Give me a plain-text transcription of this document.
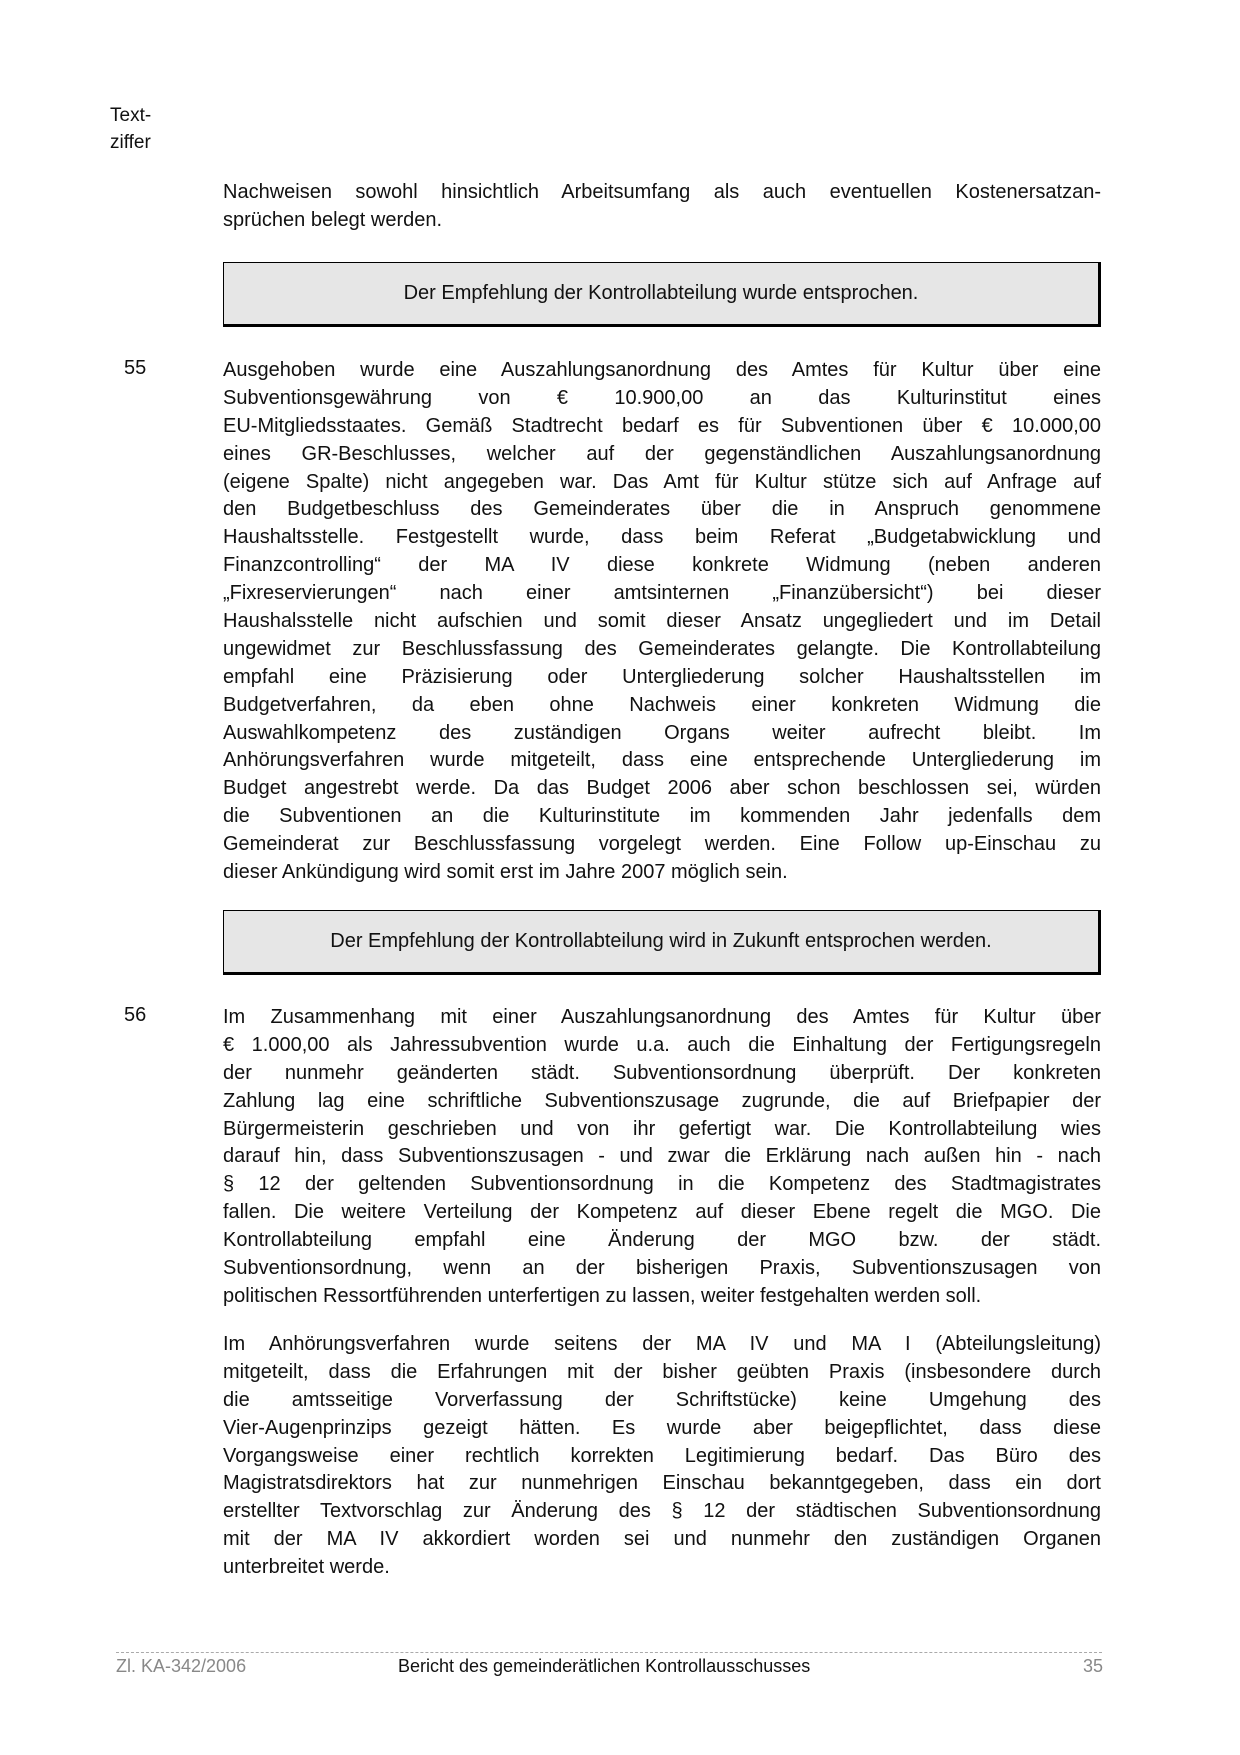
Text-
ziffer
Nachweisen sowohl hinsichtlich Arbeitsumfang als auch eventuellen Kostenersatzan-
sprüchen belegt werden.
Der Empfehlung der Kontrollabteilung wurde entsprochen.
55	Ausgehoben wurde eine Auszahlungsanordnung des Amtes für Kultur über eine
Subventionsgewährung von € 10.900,00 an das Kulturinstitut eines
EU-Mitgliedsstaates. Gemäß Stadtrecht bedarf es für Subventionen über € 10.000,00
eines GR-Beschlusses, welcher auf der gegenständlichen Auszahlungsanordnung
(eigene Spalte) nicht angegeben war. Das Amt für Kultur stütze sich auf Anfrage auf
den Budgetbeschluss des Gemeinderates über die in Anspruch genommene
Haushaltsstelle. Festgestellt wurde, dass beim Referat „Budgetabwicklung und
Finanzcontrolling“ der MA IV diese konkrete Widmung (neben anderen
„Fixreservierungen“ nach einer amtsinternen „Finanzübersicht“) bei dieser
Haushalsstelle nicht aufschien und somit dieser Ansatz ungegliedert und im Detail
ungewidmet zur Beschlussfassung des Gemeinderates gelangte. Die Kontrollabteilung
empfahl eine Präzisierung oder Untergliederung solcher Haushaltsstellen im
Budgetverfahren, da eben ohne Nachweis einer konkreten Widmung die
Auswahlkompetenz des zuständigen Organs weiter aufrecht bleibt. Im
Anhörungsverfahren wurde mitgeteilt, dass eine entsprechende Untergliederung im
Budget angestrebt werde. Da das Budget 2006 aber schon beschlossen sei, würden
die Subventionen an die Kulturinstitute im kommenden Jahr jedenfalls dem
Gemeinderat zur Beschlussfassung vorgelegt werden. Eine Follow up-Einschau zu
dieser Ankündigung wird somit erst im Jahre 2007 möglich sein.
Der Empfehlung der Kontrollabteilung wird in Zukunft entsprochen werden.
56	Im Zusammenhang mit einer Auszahlungsanordnung des Amtes für Kultur über
€ 1.000,00 als Jahressubvention wurde u.a. auch die Einhaltung der Fertigungsregeln
der nunmehr geänderten städt. Subventionsordnung überprüft. Der konkreten
Zahlung lag eine schriftliche Subventionszusage zugrunde, die auf Briefpapier der
Bürgermeisterin geschrieben und von ihr gefertigt war. Die Kontrollabteilung wies
darauf hin, dass Subventionszusagen - und zwar die Erklärung nach außen hin - nach
§ 12 der geltenden Subventionsordnung in die Kompetenz des Stadtmagistrates
fallen. Die weitere Verteilung der Kompetenz auf dieser Ebene regelt die MGO. Die
Kontrollabteilung empfahl eine Änderung der MGO bzw. der städt.
Subventionsordnung, wenn an der bisherigen Praxis, Subventionszusagen von
politischen Ressortführenden unterfertigen zu lassen, weiter festgehalten werden soll.
Im Anhörungsverfahren wurde seitens der MA IV und MA I (Abteilungsleitung)
mitgeteilt, dass die Erfahrungen mit der bisher geübten Praxis (insbesondere durch
die amtsseitige Vorverfassung der Schriftstücke) keine Umgehung des
Vier-Augenprinzips gezeigt hätten. Es wurde aber beigepflichtet, dass diese
Vorgangsweise einer rechtlich korrekten Legitimierung bedarf. Das Büro des
Magistratsdirektors hat zur nunmehrigen Einschau bekanntgegeben, dass ein dort
erstellter Textvorschlag zur Änderung des § 12 der städtischen Subventionsordnung
mit der MA IV akkordiert worden sei und nunmehr den zuständigen Organen
unterbreitet werde.
Zl. KA-342/2006	Bericht des gemeinderätlichen Kontrollausschusses	35
